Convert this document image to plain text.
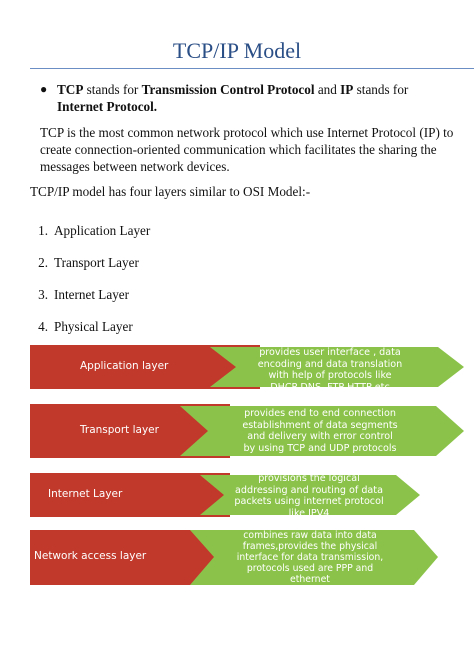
TCP/IP Model
● TCP stands for Transmission Control Protocol and IP stands for Internet Protocol.
TCP is the most common network protocol which use Internet Protocol (IP) to create connection-oriented communication which facilitates the sharing the messages between network devices.
TCP/IP model has four layers similar to OSI Model:-
1. Application Layer
2. Transport Layer
3. Internet Layer
4. Physical Layer
Application layer
provides user interface , data
encoding and data translation
with help of protocols like
DHCP,DNS, FTP,HTTP etc
Transport layer
provides end to end connection
establishment of data segments
and delivery with error control
by using TCP and UDP protocols
Internet Layer
provisions the logical
addressing and routing of data
packets using internet protocol
like IPV4
Network access layer
combines raw data into data
frames,provides the physical
interface for data transmission,
protocols used are PPP and
ethernet
